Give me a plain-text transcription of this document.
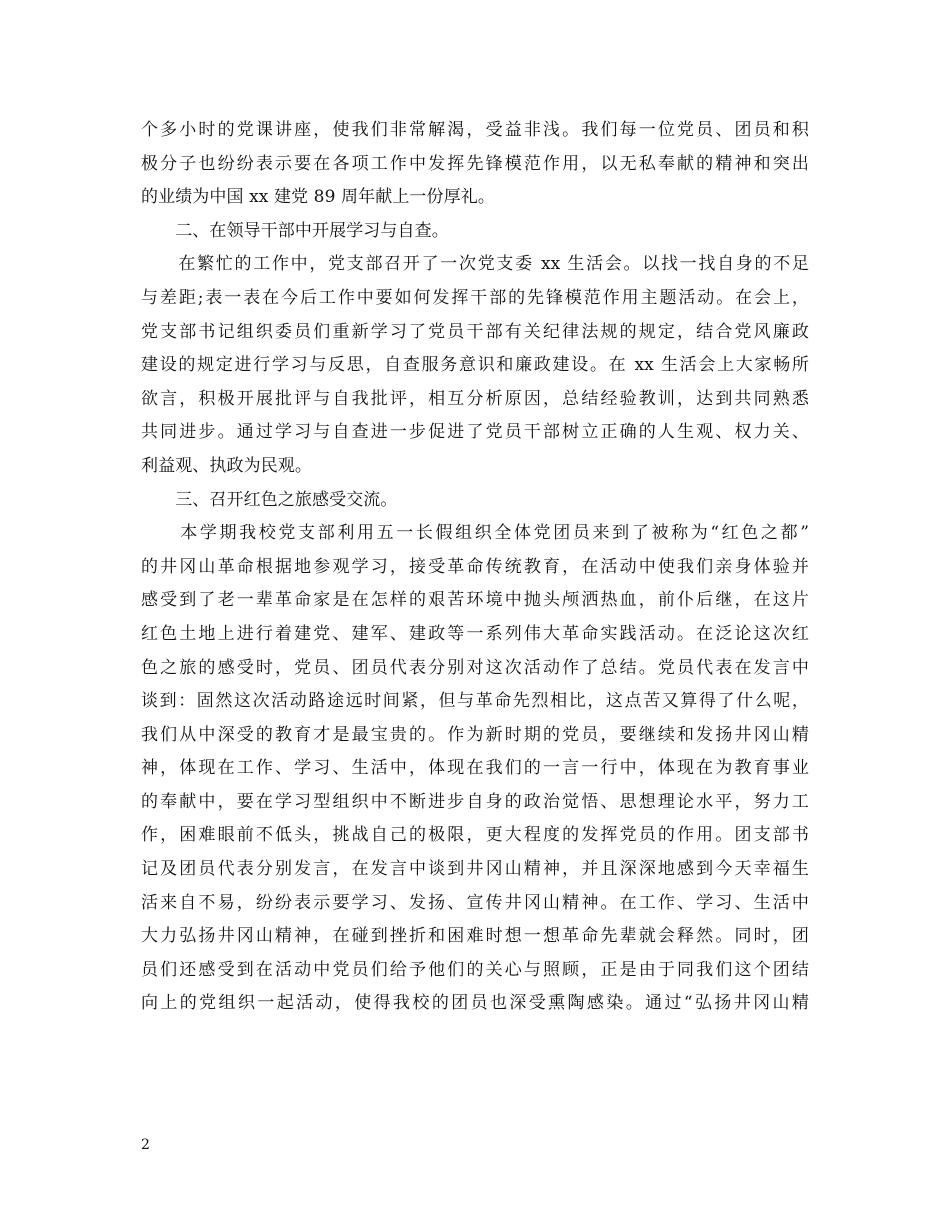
个多小时的党课讲座，使我们非常解渴，受益非浅。我们每一位党员、团员和积
极分子也纷纷表示要在各项工作中发挥先锋模范作用，以无私奉献的精神和突出
的业绩为中国 xx 建党 89 周年献上一份厚礼。
　　二、在领导干部中开展学习与自查。
　　在繁忙的工作中，党支部召开了一次党支委 xx 生活会。以找一找自身的不足
与差距;表一表在今后工作中要如何发挥干部的先锋模范作用主题活动。在会上，
党支部书记组织委员们重新学习了党员干部有关纪律法规的规定，结合党风廉政
建设的规定进行学习与反思，自查服务意识和廉政建设。在 xx 生活会上大家畅所
欲言，积极开展批评与自我批评，相互分析原因，总结经验教训，达到共同熟悉
共同进步。通过学习与自查进一步促进了党员干部树立正确的人生观、权力关、
利益观、执政为民观。
　　三、召开红色之旅感受交流。
　　本学期我校党支部利用五一长假组织全体党团员来到了被称为“红色之都”
的井冈山革命根据地参观学习，接受革命传统教育，在活动中使我们亲身体验并
感受到了老一辈革命家是在怎样的艰苦环境中抛头颅洒热血，前仆后继，在这片
红色土地上进行着建党、建军、建政等一系列伟大革命实践活动。在泛论这次红
色之旅的感受时，党员、团员代表分别对这次活动作了总结。党员代表在发言中
谈到：固然这次活动路途远时间紧，但与革命先烈相比，这点苦又算得了什么呢，
我们从中深受的教育才是最宝贵的。作为新时期的党员，要继续和发扬井冈山精
神，体现在工作、学习、生活中，体现在我们的一言一行中，体现在为教育事业
的奉献中，要在学习型组织中不断进步自身的政治觉悟、思想理论水平，努力工
作，困难眼前不低头，挑战自己的极限，更大程度的发挥党员的作用。团支部书
记及团员代表分别发言，在发言中谈到井冈山精神，并且深深地感到今天幸福生
活来自不易，纷纷表示要学习、发扬、宣传井冈山精神。在工作、学习、生活中
大力弘扬井冈山精神，在碰到挫折和困难时想一想革命先辈就会释然。同时，团
员们还感受到在活动中党员们给予他们的关心与照顾，正是由于同我们这个团结
向上的党组织一起活动，使得我校的团员也深受熏陶感染。通过“弘扬井冈山精
2
